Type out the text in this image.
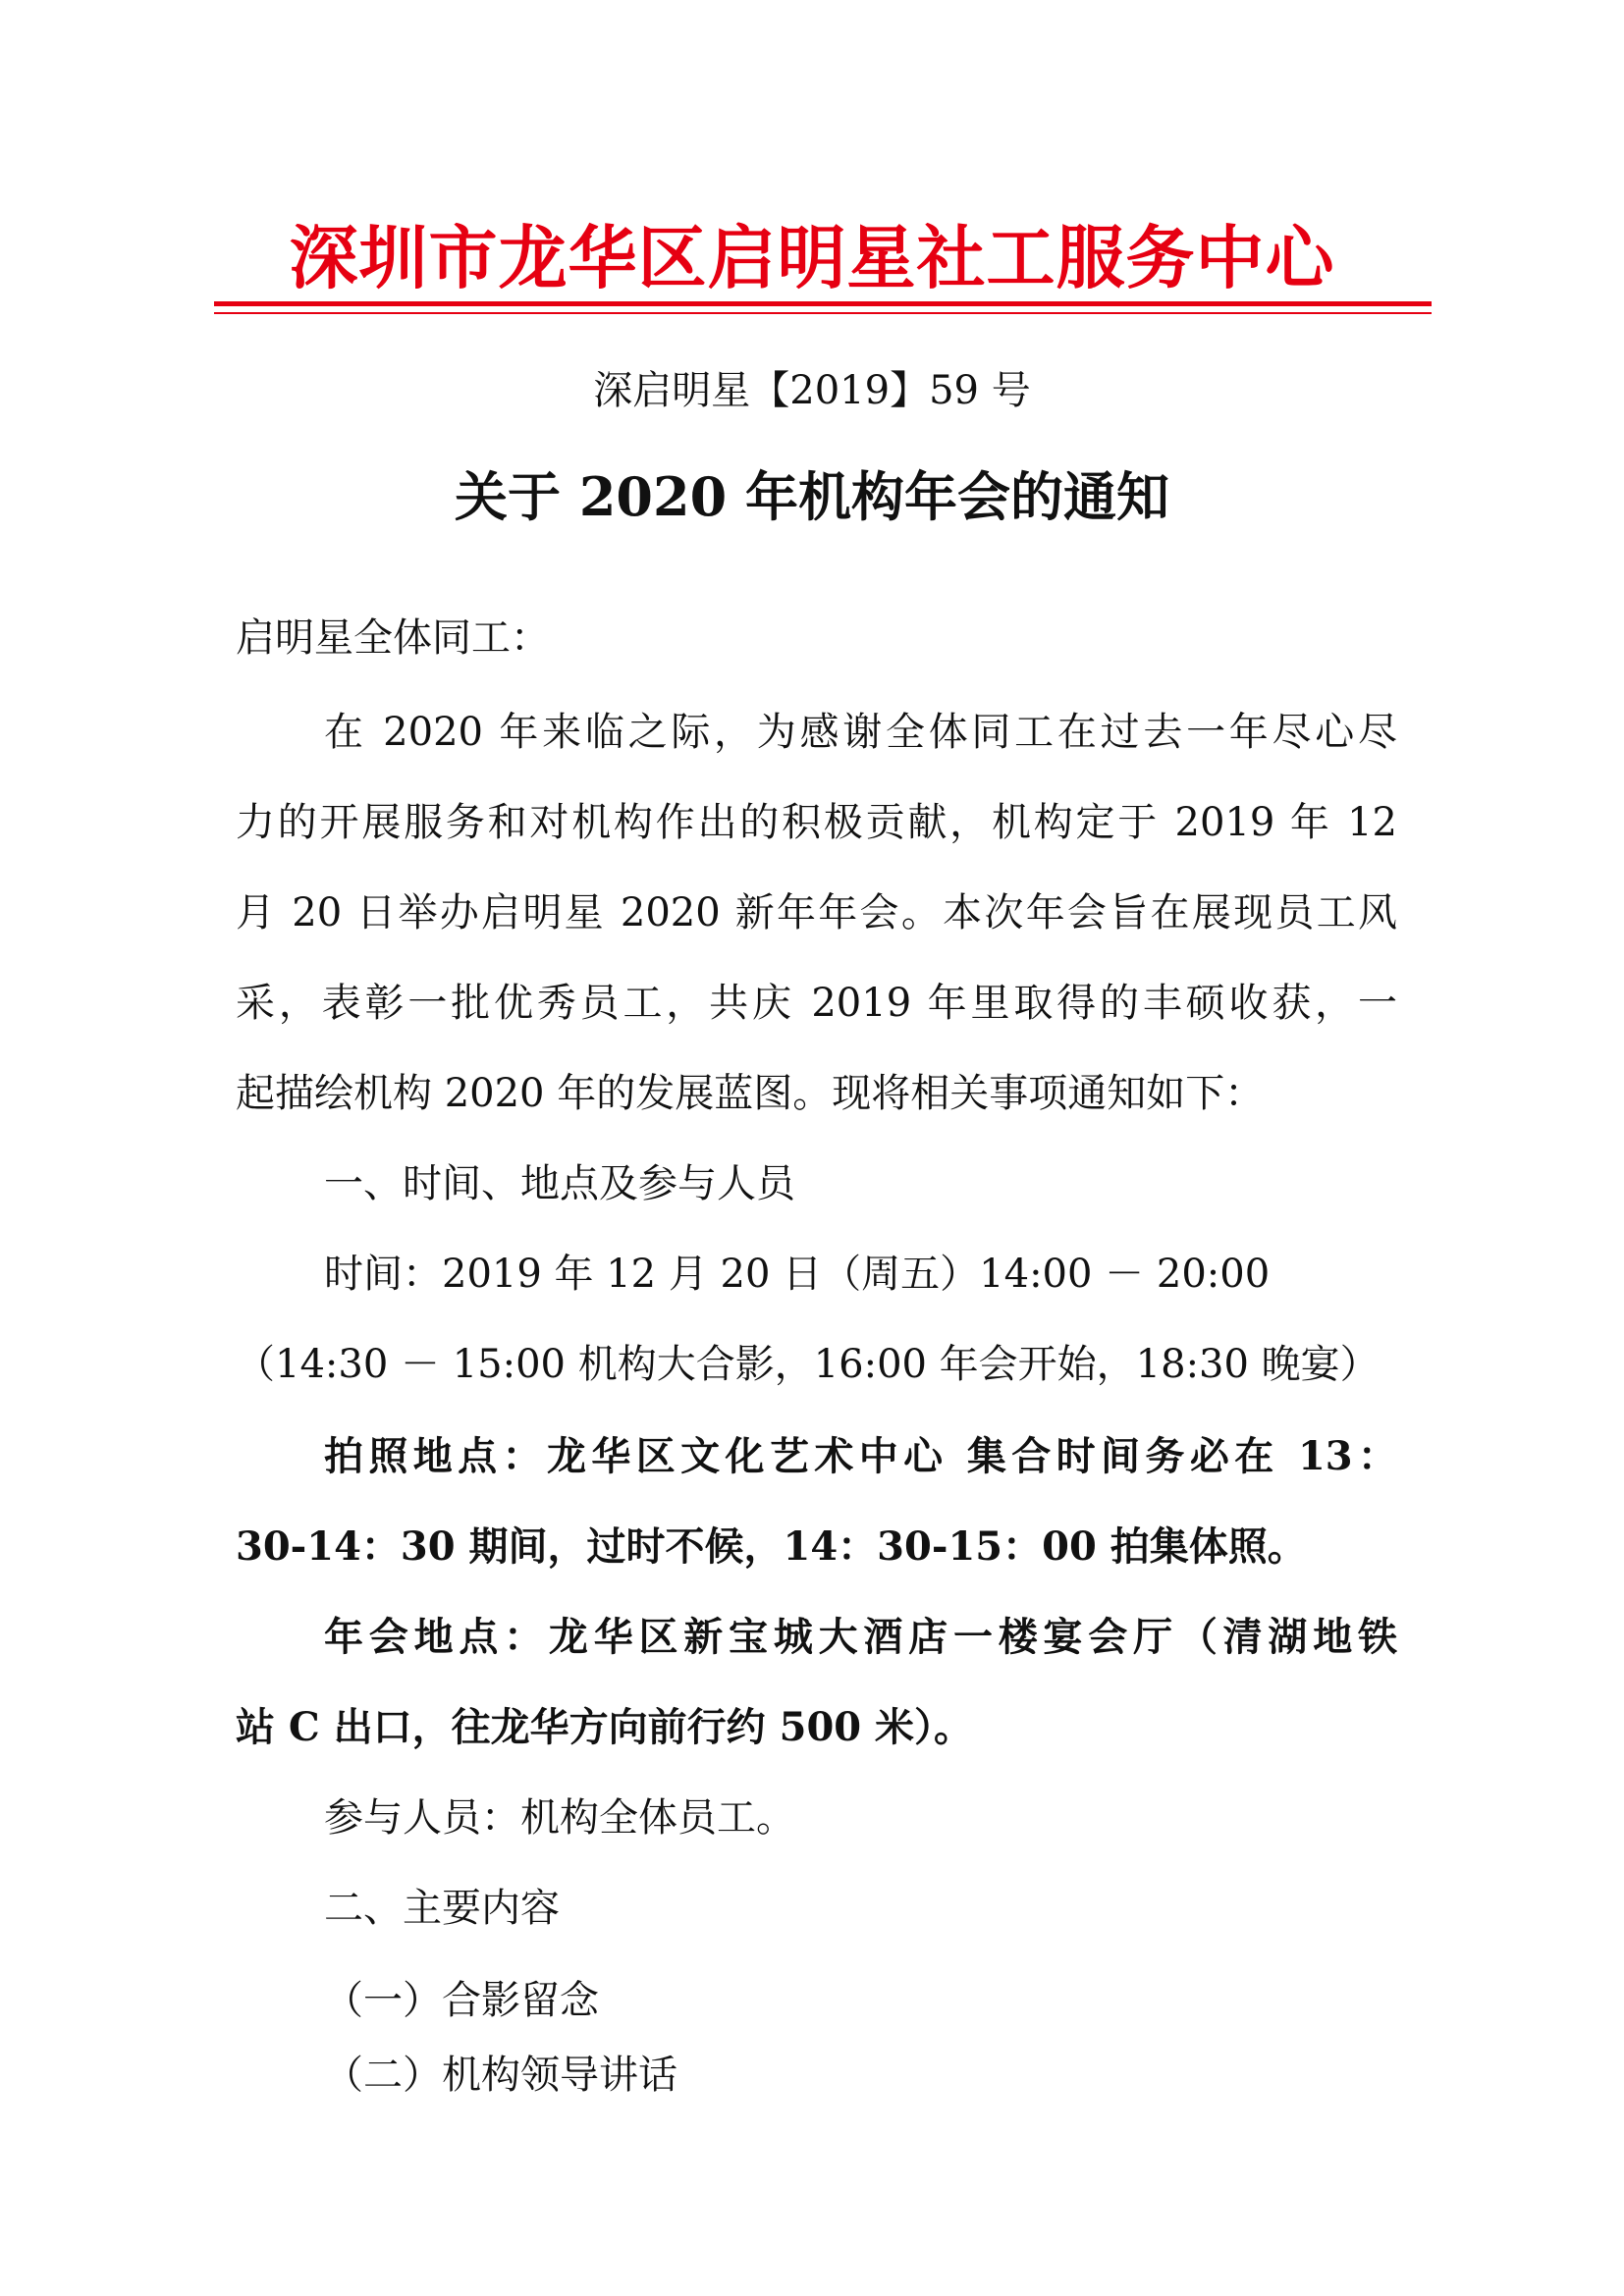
深圳市龙华区启明星社工服务中心
深启明星【2019】59 号
关于 2020 年机构年会的通知
启明星全体同工：
在 2020 年来临之际，为感谢全体同工在过去一年尽心尽
力的开展服务和对机构作出的积极贡献，机构定于 2019 年 12
月 20 日举办启明星 2020 新年年会。本次年会旨在展现员工风
采，表彰一批优秀员工，共庆 2019 年里取得的丰硕收获，一
起描绘机构 2020 年的发展蓝图。现将相关事项通知如下：
一、时间、地点及参与人员
时间：2019 年 12 月 20 日（周五）14:00 － 20:00
（14:30 － 15:00 机构大合影，16:00 年会开始，18:30 晚宴）
拍照地点：龙华区文化艺术中心 集合时间务必在 13：
30-14：30 期间，过时不候，14：30-15：00 拍集体照。
年会地点：龙华区新宝城大酒店一楼宴会厅（清湖地铁
站 C 出口，往龙华方向前行约 500 米）。
参与人员：机构全体员工。
二、主要内容
（一）合影留念
（二）机构领导讲话
